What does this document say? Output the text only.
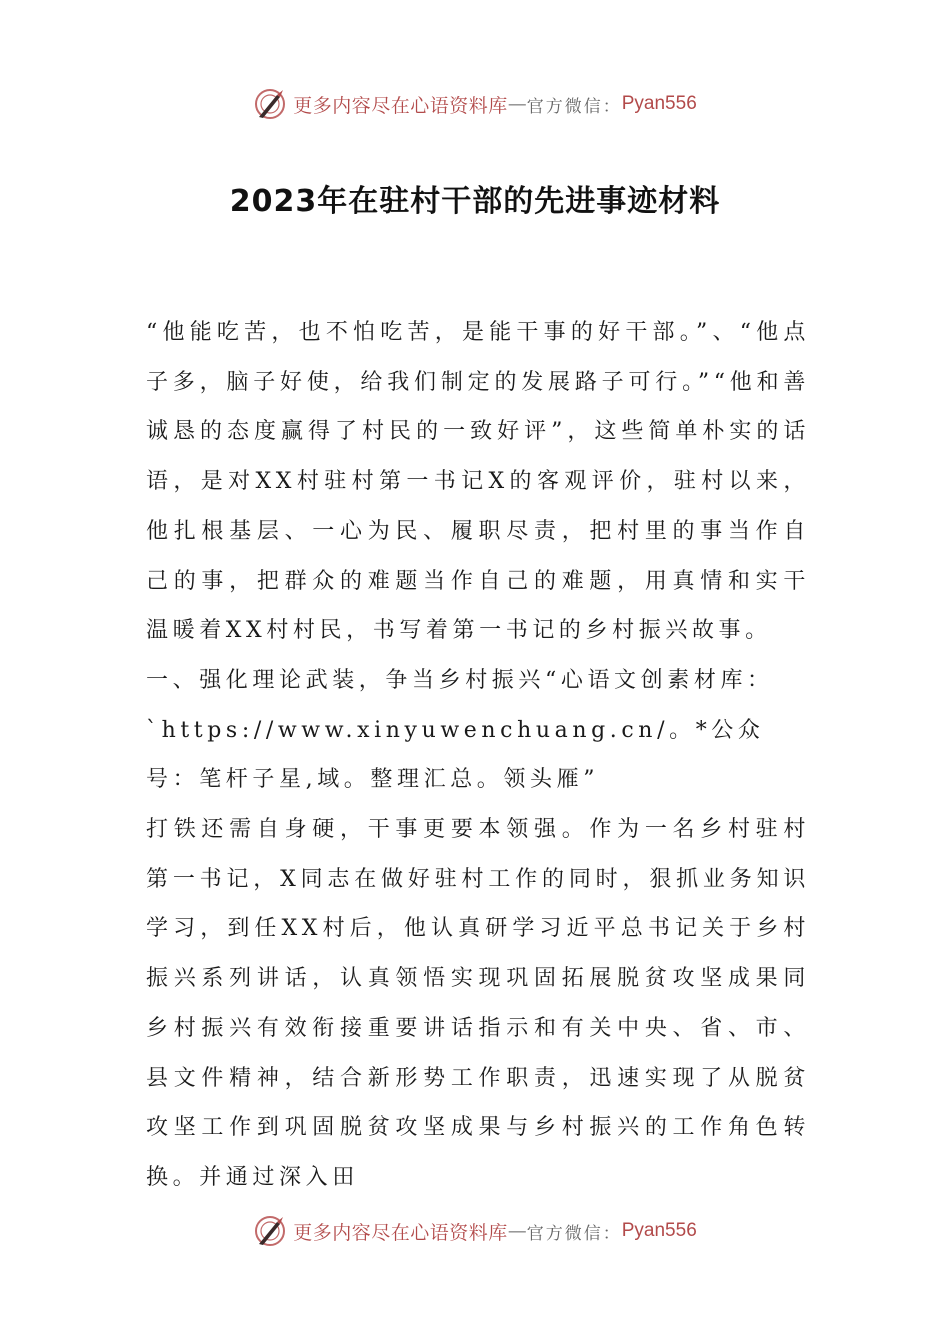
更多内容尽在心语资料库 — 官方微信： Pyan556
2023年在驻村干部的先进事迹材料

“他能吃苦，也不怕吃苦，是能干事的好干部。”、“他点子多，脑子好使，给我们制定的发展路子可行。”“他和善诚恳的态度赢得了村民的一致好评”，这些简单朴实的话语，是对XX村驻村第一书记X的客观评价，驻村以来，他扎根基层、一心为民、履职尽责，把村里的事当作自己的事，把群众的难题当作自己的难题，用真情和实干温暖着XX村村民，书写着第一书记的乡村振兴故事。

一、强化理论武装，争当乡村振兴“心语文创素材库：`https://www.xinyuwenchuang.cn/。*公众号：笔杆子星,域。整理汇总。领头雁”

打铁还需自身硬，干事更要本领强。作为一名乡村驻村第一书记，X同志在做好驻村工作的同时，狠抓业务知识学习，到任XX村后，他认真研学习近平总书记关于乡村振兴系列讲话，认真领悟实现巩固拓展脱贫攻坚成果同乡村振兴有效衔接重要讲话指示和有关中央、省、市、县文件精神，结合新形势工作职责，迅速实现了从脱贫攻坚工作到巩固脱贫攻坚成果与乡村振兴的工作角色转换。并通过深入田

更多内容尽在心语资料库 — 官方微信： Pyan556
